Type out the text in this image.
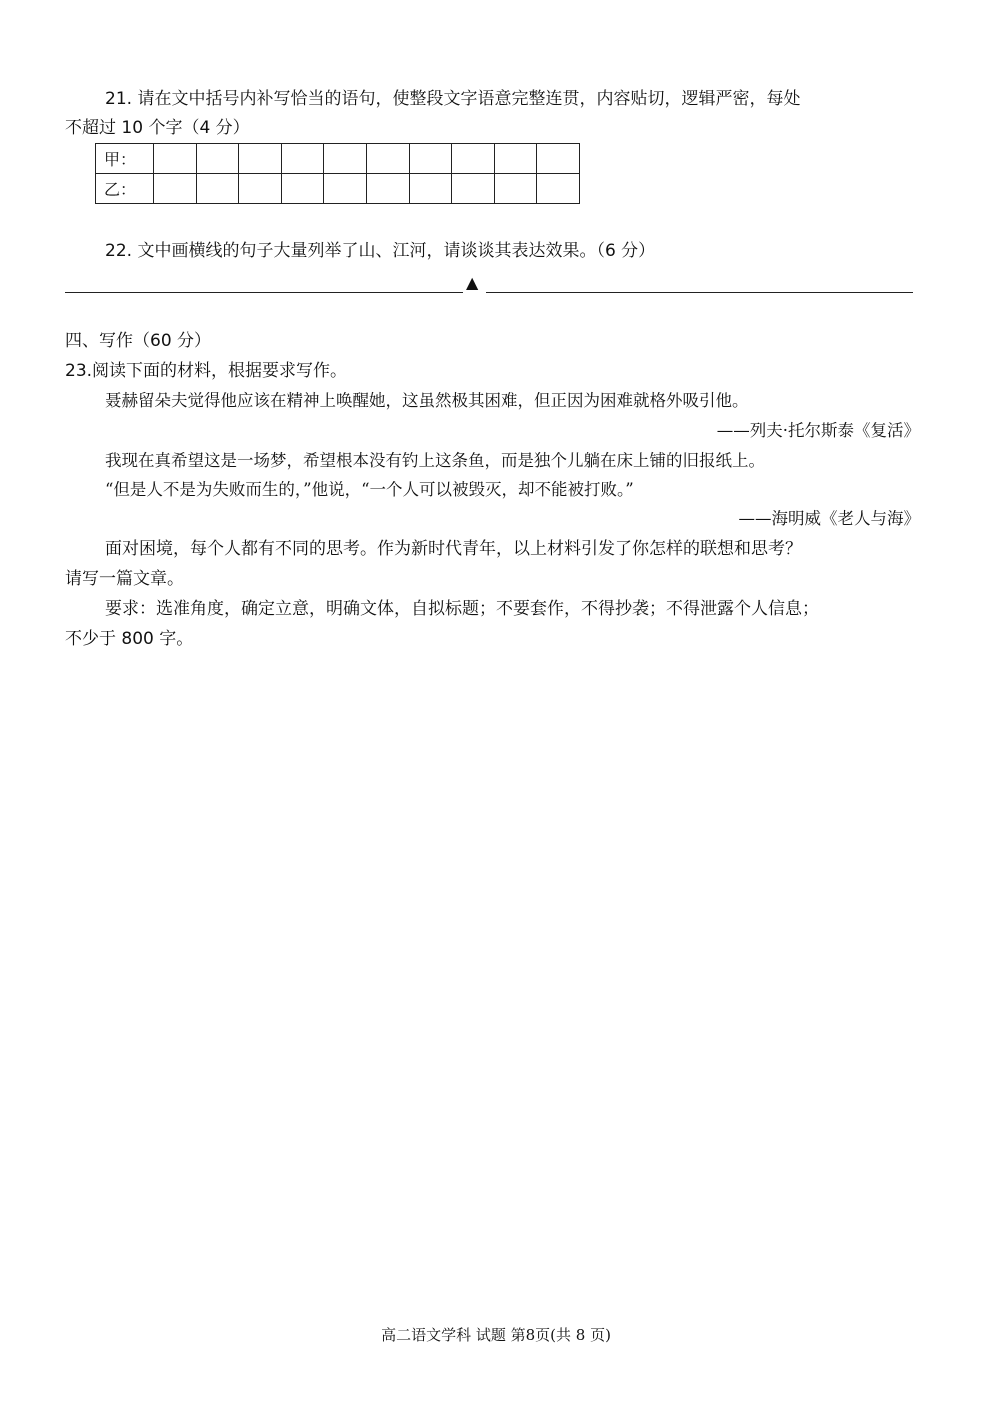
21. 请在文中括号内补写恰当的语句，使整段文字语意完整连贯，内容贴切，逻辑严密，每处
不超过 10 个字（4 分）
甲：										
乙：										
22. 文中画横线的句子大量列举了山、江河，请谈谈其表达效果。（6 分）
▲
四、写作（60 分）
23.阅读下面的材料，根据要求写作。
聂赫留朵夫觉得他应该在精神上唤醒她，这虽然极其困难，但正因为困难就格外吸引他。
——列夫·托尔斯泰《复活》
我现在真希望这是一场梦，希望根本没有钓上这条鱼，而是独个儿躺在床上铺的旧报纸上。
“但是人不是为失败而生的，”他说，“一个人可以被毁灭，却不能被打败。”
——海明威《老人与海》
面对困境，每个人都有不同的思考。作为新时代青年，以上材料引发了你怎样的联想和思考？
请写一篇文章。
要求：选准角度，确定立意，明确文体，自拟标题；不要套作，不得抄袭；不得泄露个人信息；
不少于 800 字。
高二语文学科 试题 第8页(共 8 页)
